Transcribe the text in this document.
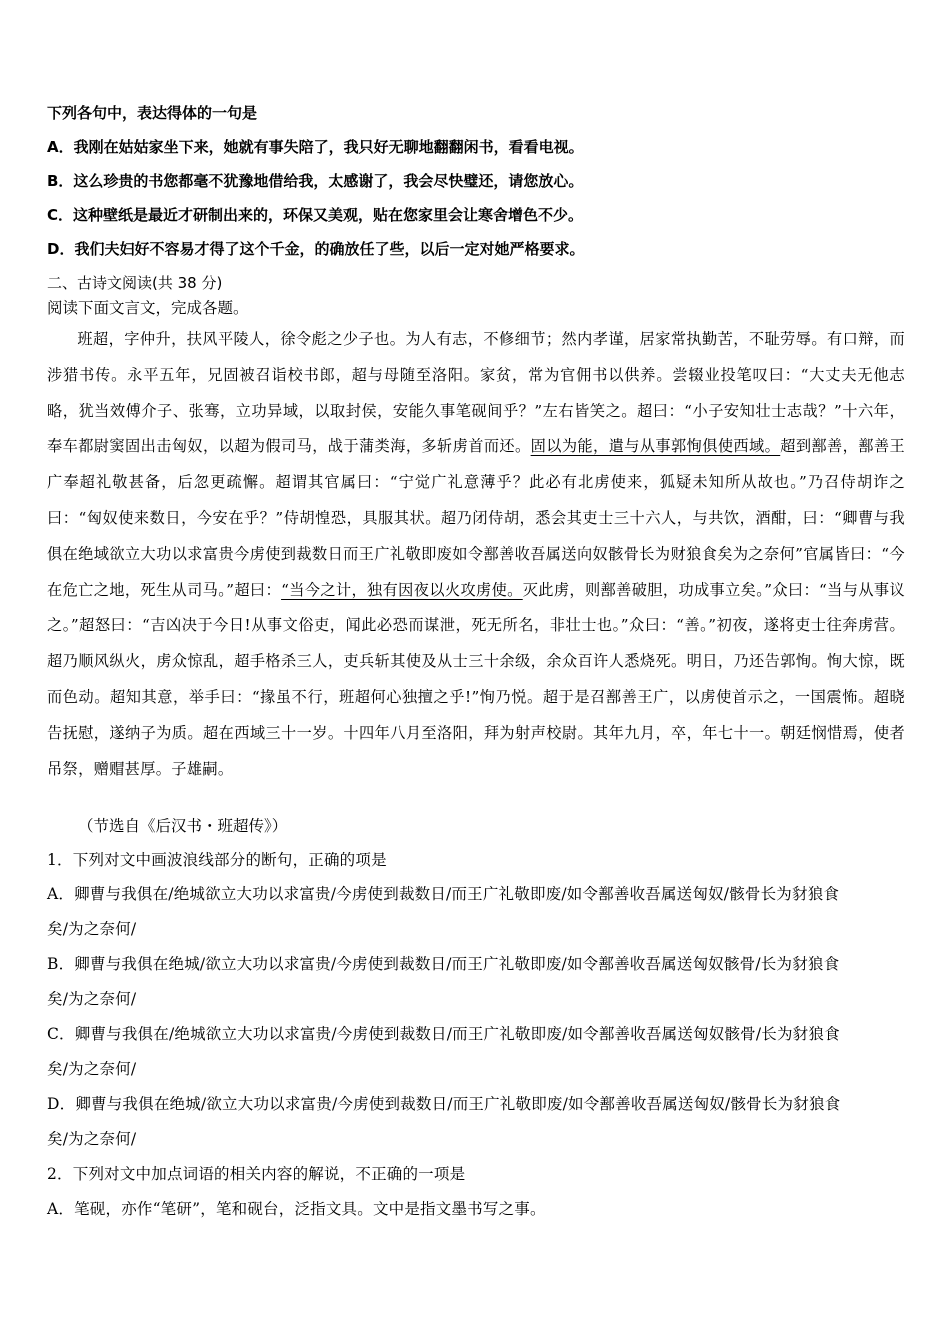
下列各句中，表达得体的一句是
A．我刚在姑姑家坐下来，她就有事失陪了，我只好无聊地翻翻闲书，看看电视。
B．这么珍贵的书您都毫不犹豫地借给我，太感谢了，我会尽快璧还，请您放心。
C．这种壁纸是最近才研制出来的，环保又美观，贴在您家里会让寒舍增色不少。
D．我们夫妇好不容易才得了这个千金，的确放任了些，以后一定对她严格要求。
二、古诗文阅读(共 38 分)
阅读下面文言文，完成各题。
班超，字仲升，扶风平陵人，徐令彪之少子也。为人有志，不修细节；然内孝谨，居家常执勤苦，不耻劳辱。有口辩，而涉猎书传。永平五年，兄固被召诣校书郎，超与母随至洛阳。家贫，常为官佣书以供养。尝辍业投笔叹曰：“大丈夫无他志略，犹当效傅介子、张骞，立功异域，以取封侯，安能久事笔砚间乎？”左右皆笑之。超曰：“小子安知壮士志哉？”十六年，奉车都尉窦固出击匈奴，以超为假司马，战于蒲类海，多斩虏首而还。固以为能，遣与从事郭恂俱使西域。超到鄯善，鄯善王广奉超礼敬甚备，后忽更疏懈。超谓其官属曰：“宁觉广礼意薄乎？此必有北虏使来，狐疑未知所从故也。”乃召侍胡诈之曰：“匈奴使来数日，今安在乎？”侍胡惶恐，具服其状。超乃闭侍胡，悉会其吏士三十六人，与共饮，酒酣，曰：“卿曹与我俱在绝域欲立大功以求富贵今虏使到裁数日而王广礼敬即废如令鄯善收吾属送向奴骸骨长为财狼食矣为之奈何”官属皆曰：“今在危亡之地，死生从司马。”超曰：“当今之计，独有因夜以火攻虏使。灭此虏，则鄯善破胆，功成事立矣。”众曰：“当与从事议之。”超怒曰：“吉凶决于今日!从事文俗吏，闻此必恐而谋泄，死无所名，非壮士也。”众曰：“善。”初夜，遂将吏士往奔虏营。超乃顺风纵火，虏众惊乱，超手格杀三人，吏兵斩其使及从士三十余级，余众百许人悉烧死。明日，乃还告郭恂。恂大惊，既而色动。超知其意，举手曰：“掾虽不行，班超何心独擅之乎!”恂乃悦。超于是召鄯善王广，以虏使首示之，一国震怖。超晓告抚慰，遂纳子为质。超在西域三十一岁。十四年八月至洛阳，拜为射声校尉。其年九月，卒，年七十一。朝廷悯惜焉，使者吊祭，赠赗甚厚。子雄嗣。
（节选自《后汉书・班超传》）
1．下列对文中画波浪线部分的断句，正确的项是
A．卿曹与我俱在/绝城欲立大功以求富贵/今虏使到裁数日/而王广礼敬即废/如令鄯善收吾属送匈奴/骸骨长为豺狼食
矣/为之奈何/
B．卿曹与我俱在绝城/欲立大功以求富贵/今虏使到裁数日/而王广礼敬即废/如令鄯善收吾属送匈奴骸骨/长为豺狼食
矣/为之奈何/
C．卿曹与我俱在/绝城欲立大功以求富贵/今虏使到裁数日/而王广礼敬即废/如令鄯善收吾属送匈奴骸骨/长为豺狼食
矣/为之奈何/
D．卿曹与我俱在绝城/欲立大功以求富贵/今虏使到裁数日/而王广礼敬即废/如令鄯善收吾属送匈奴/骸骨长为豺狼食
矣/为之奈何/
2．下列对文中加点词语的相关内容的解说，不正确的一项是
A．笔砚，亦作“笔研”，笔和砚台，泛指文具。文中是指文墨书写之事。
